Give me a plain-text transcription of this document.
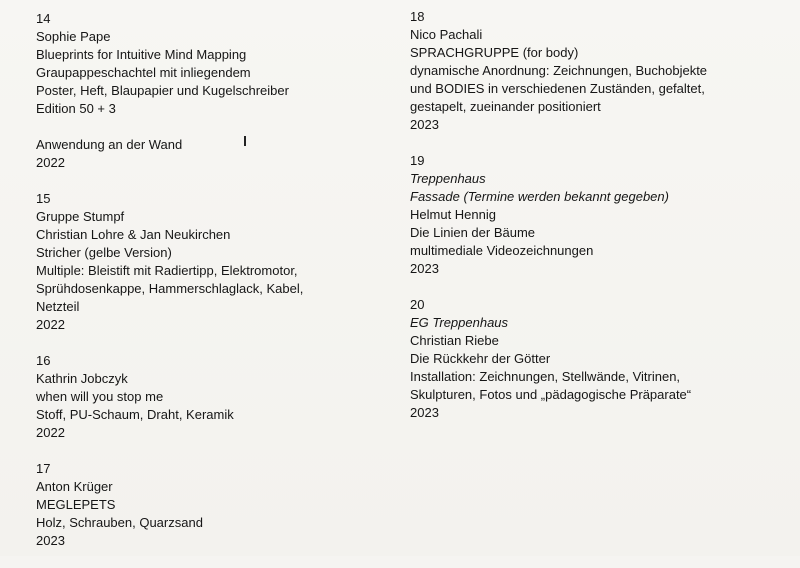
14
Sophie Pape
Blueprints for Intuitive Mind Mapping
Graupappeschachtel mit inliegendem
Poster, Heft, Blaupapier und Kugelschreiber
Edition 50 + 3
Anwendung an der Wand
2022
15
Gruppe Stumpf
Christian Lohre & Jan Neukirchen
Stricher (gelbe Version)
Multiple: Bleistift mit Radiertipp, Elektromotor,
Sprühdosenkappe, Hammerschlaglack, Kabel,
Netzteil
2022
16
Kathrin Jobczyk
when will you stop me
Stoff, PU-Schaum, Draht, Keramik
2022
17
Anton Krüger
MEGLEPETS
Holz, Schrauben, Quarzsand
2023
18
Nico Pachali
SPRACHGRUPPE (for body)
dynamische Anordnung: Zeichnungen, Buchobjekte
und BODIES in verschiedenen Zuständen, gefaltet,
gestapelt, zueinander positioniert
2023
19
Treppenhaus
Fassade (Termine werden bekannt gegeben)
Helmut Hennig
Die Linien der Bäume
multimediale Videozeichnungen
2023
20
EG Treppenhaus
Christian Riebe
Die Rückkehr der Götter
Installation: Zeichnungen, Stellwände, Vitrinen,
Skulpturen, Fotos und „pädagogische Präparate“
2023
